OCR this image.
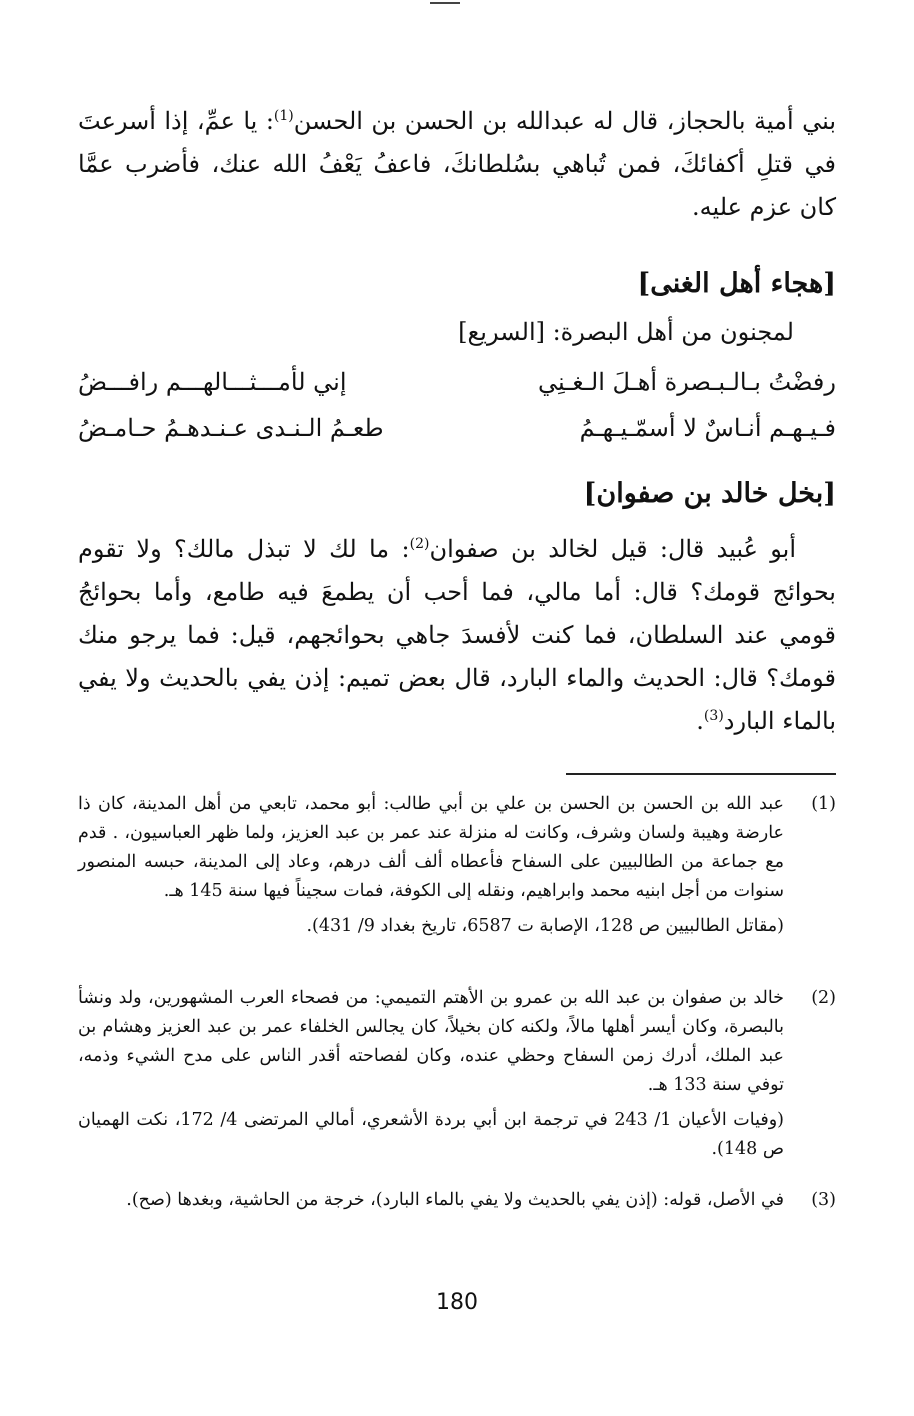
بني أمية بالحجاز، قال له عبدالله بن الحسن بن الحسن$^{(1)}$: يا عمِّ، إذا أسرعتَ في قتلِ أكفائكَ، فمن تُباهي بسُلطانكَ، فاعفُ يَعْفُ الله عنك، فأضرب عمَّا كان عزم عليه.
[هجاء أهل الغنى]
لمجنون من أهل البصرة: [السريع]
رفضْتُ بـالـبـصرة أهـلَ الـغـنِي
إني لأمـــثـــالهـــم رافـــضُ
فـيـهـم أنـاسٌ لا أسمّـيـهـمُ
طعـمُ الـنـدى عـنـدهـمُ حـامـضُ
[بخل خالد بن صفوان]
أبو عُبيد قال: قيل لخالد بن صفوان$^{(2)}$: ما لك لا تبذل مالك؟ ولا تقوم بحوائج قومك؟ قال: أما مالي، فما أحب أن يطمعَ فيه طامع، وأما بحوائجُ قومي عند السلطان، فما كنت لأفسدَ جاهي بحوائجهم، قيل: فما يرجو منك قومك؟ قال: الحديث والماء البارد، قال بعض تميم: إذن يفي بالحديث ولا يفي بالماء البارد$^{(3)}$.
(1)
عبد الله بن الحسن بن الحسن بن علي بن أبي طالب: أبو محمد، تابعي من أهل المدينة، كان ذا عارضة وهيبة ولسان وشرف، وكانت له منزلة عند عمر بن عبد العزيز، ولما ظهر العباسيون، . قدم مع جماعة من الطالبيين على السفاح فأعطاه ألف ألف درهم، وعاد إلى المدينة، حبسه المنصور سنوات من أجل ابنيه محمد وابراهيم، ونقله إلى الكوفة، فمات سجيناً فيها سنة 145 هـ.
(مقاتل الطالبيين ص 128، الإصابة ت 6587، تاريخ بغداد 9/ 431).
(2)
خالد بن صفوان بن عبد الله بن عمرو بن الأهتم التميمي: من فصحاء العرب المشهورين، ولد ونشأ بالبصرة، وكان أيسر أهلها مالاً، ولكنه كان بخيلاً، كان يجالس الخلفاء عمر بن عبد العزيز وهشام بن عبد الملك، أدرك زمن السفاح وحظي عنده، وكان لفصاحته أقدر الناس على مدح الشيء وذمه، توفي سنة 133 هـ.
(وفيات الأعيان 1/ 243 في ترجمة ابن أبي بردة الأشعري، أمالي المرتضى 4/ 172، نكت الهميان ص 148).
(3)
في الأصل، قوله: (إذن يفي بالحديث ولا يفي بالماء البارد)، خرجة من الحاشية، وبغدها (صح).
180
